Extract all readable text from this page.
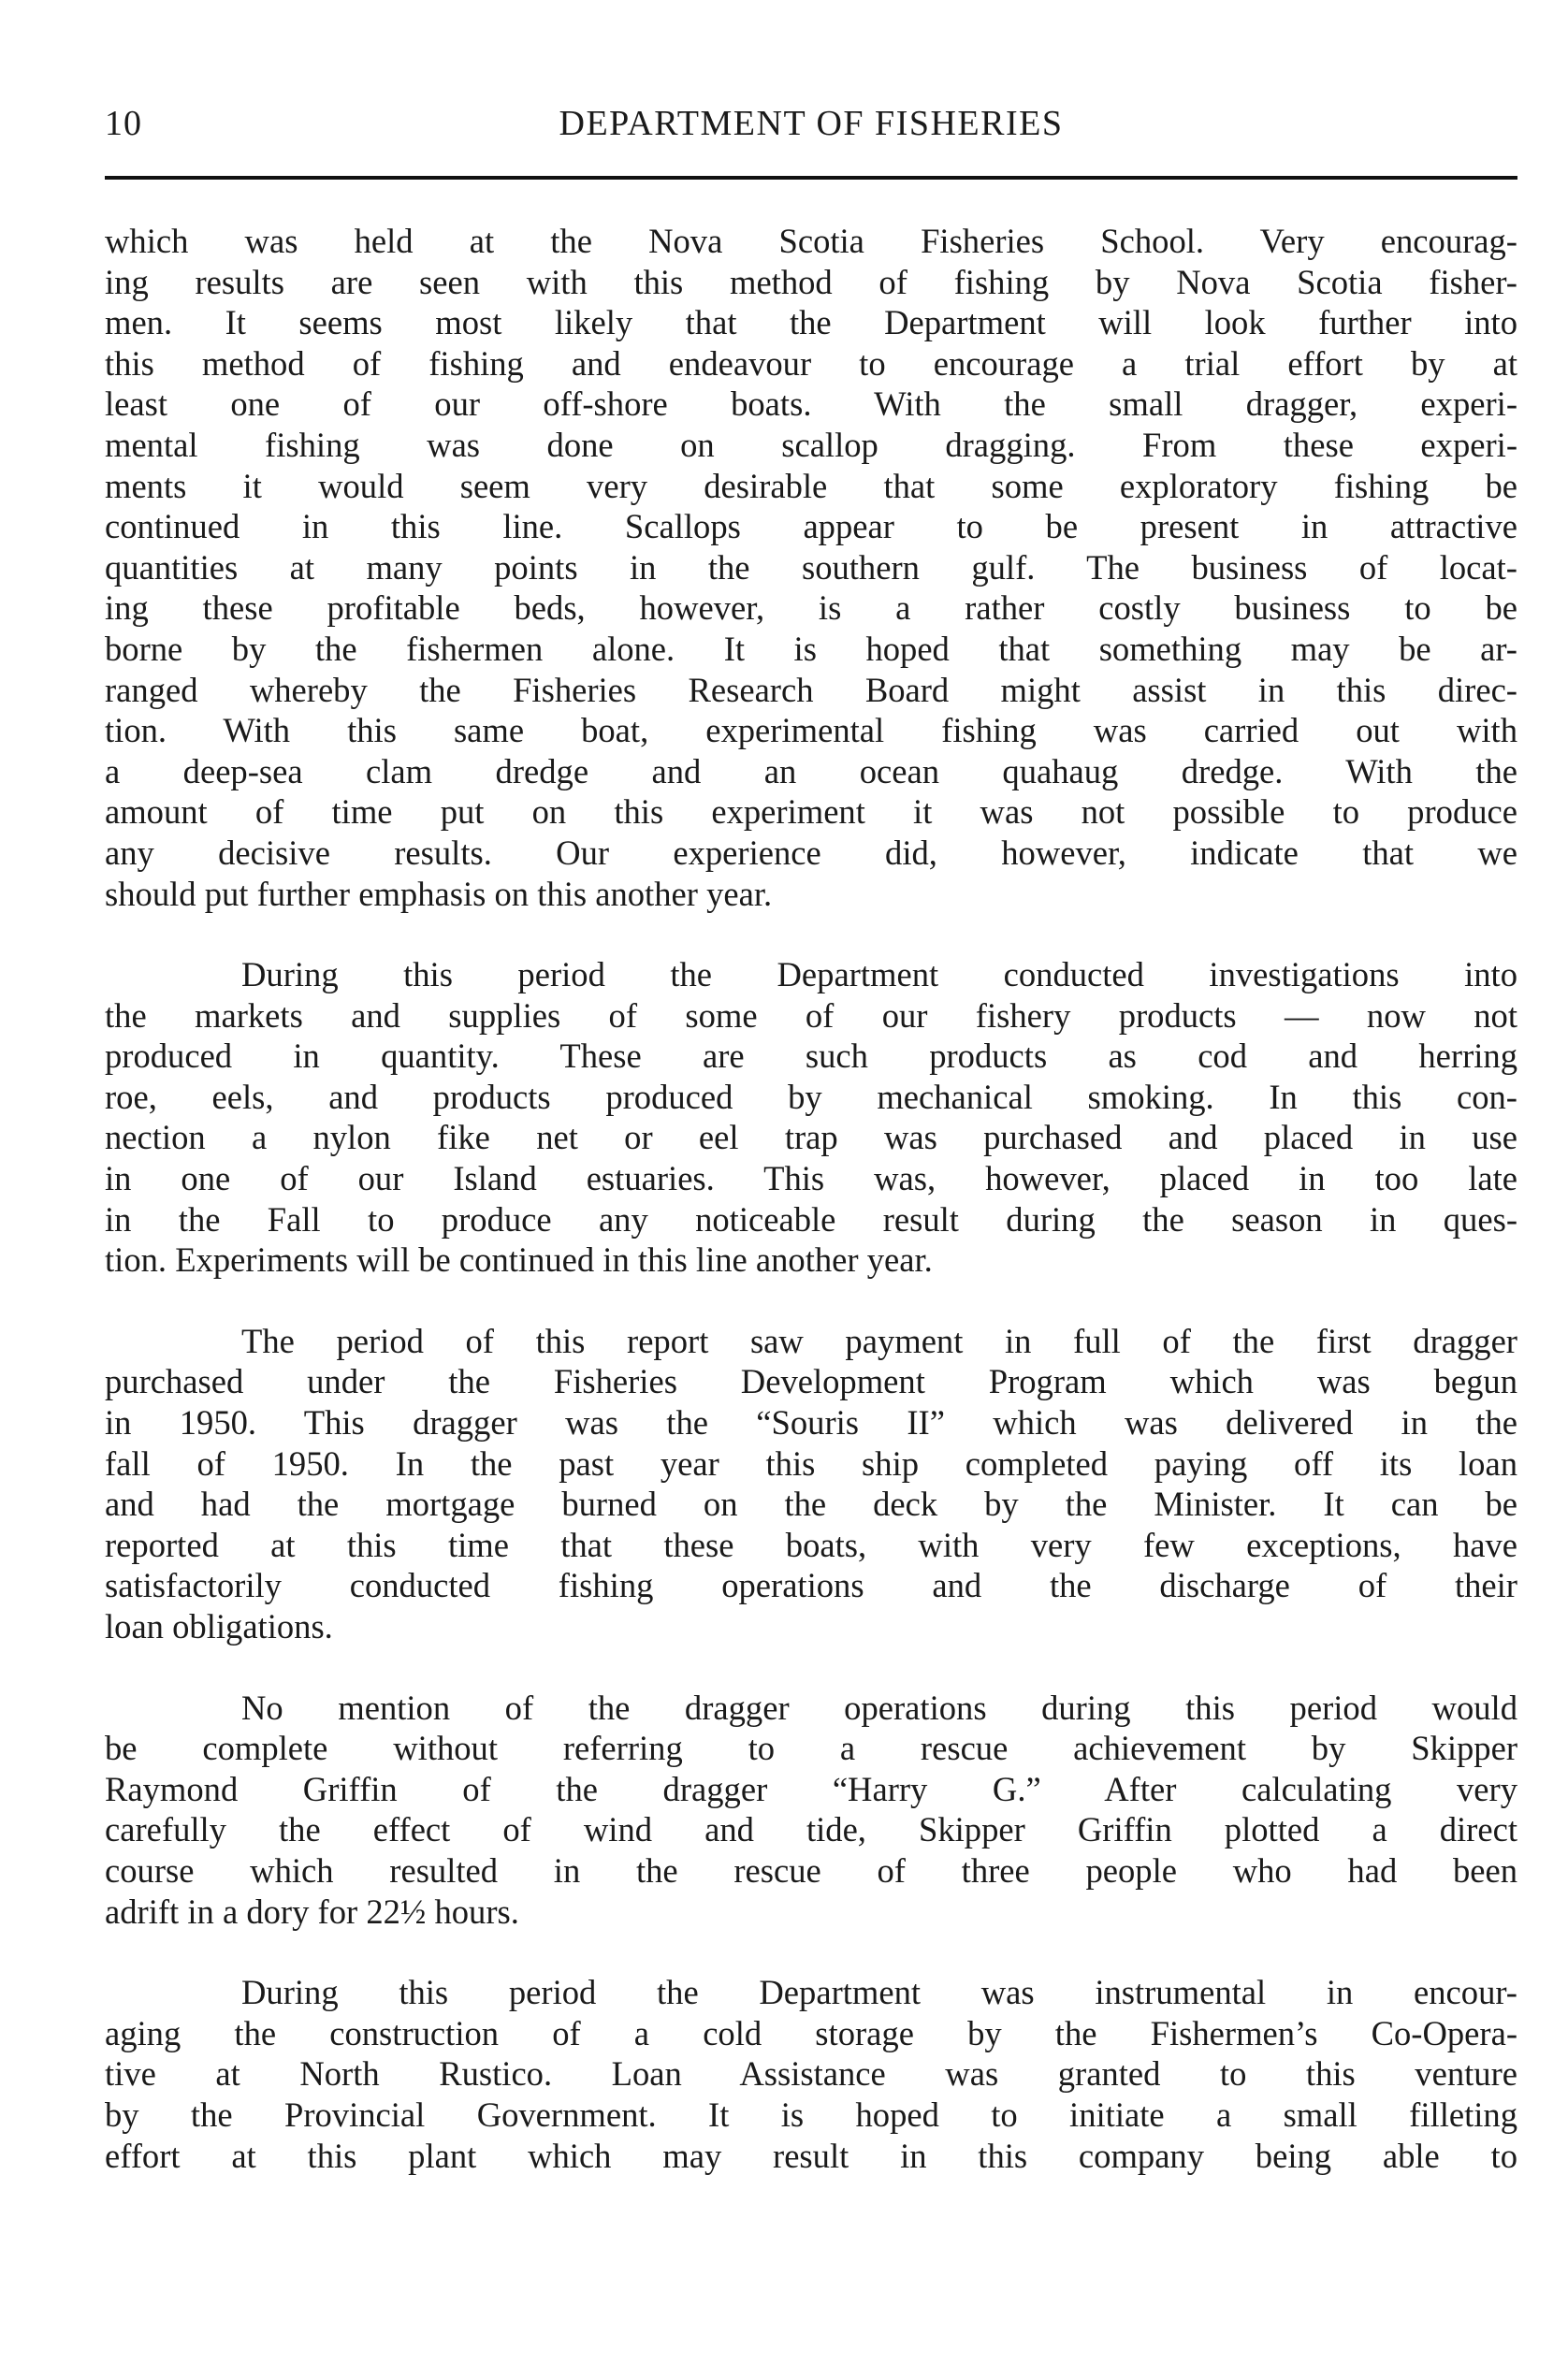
10	DEPARTMENT OF FISHERIES
which was held at the Nova Scotia Fisheries School. Very encourag-
ing results are seen with this method of fishing by Nova Scotia fisher-
men. It seems most likely that the Department will look further into
this method of fishing and endeavour to encourage a trial effort by at
least one of our off-shore boats. With the small dragger, experi-
mental fishing was done on scallop dragging. From these experi-
ments it would seem very desirable that some exploratory fishing be
continued in this line. Scallops appear to be present in attractive
quantities at many points in the southern gulf. The business of locat-
ing these profitable beds, however, is a rather costly business to be
borne by the fishermen alone. It is hoped that something may be ar-
ranged whereby the Fisheries Research Board might assist in this direc-
tion. With this same boat, experimental fishing was carried out with
a deep-sea clam dredge and an ocean quahaug dredge. With the
amount of time put on this experiment it was not possible to produce
any decisive results. Our experience did, however, indicate that we
should put further emphasis on this another year.
During this period the Department conducted investigations into
the markets and supplies of some of our fishery products — now not
produced in quantity. These are such products as cod and herring
roe, eels, and products produced by mechanical smoking. In this con-
nection a nylon fike net or eel trap was purchased and placed in use
in one of our Island estuaries. This was, however, placed in too late
in the Fall to produce any noticeable result during the season in ques-
tion. Experiments will be continued in this line another year.
The period of this report saw payment in full of the first dragger
purchased under the Fisheries Development Program which was begun
in 1950. This dragger was the “Souris II” which was delivered in the
fall of 1950. In the past year this ship completed paying off its loan
and had the mortgage burned on the deck by the Minister. It can be
reported at this time that these boats, with very few exceptions, have
satisfactorily conducted fishing operations and the discharge of their
loan obligations.
No mention of the dragger operations during this period would
be complete without referring to a rescue achievement by Skipper
Raymond Griffin of the dragger “Harry G.” After calculating very
carefully the effect of wind and tide, Skipper Griffin plotted a direct
course which resulted in the rescue of three people who had been
adrift in a dory for 22½ hours.
During this period the Department was instrumental in encour-
aging the construction of a cold storage by the Fishermen’s Co-Opera-
tive at North Rustico. Loan Assistance was granted to this venture
by the Provincial Government. It is hoped to initiate a small filleting
effort at this plant which may result in this company being able to
